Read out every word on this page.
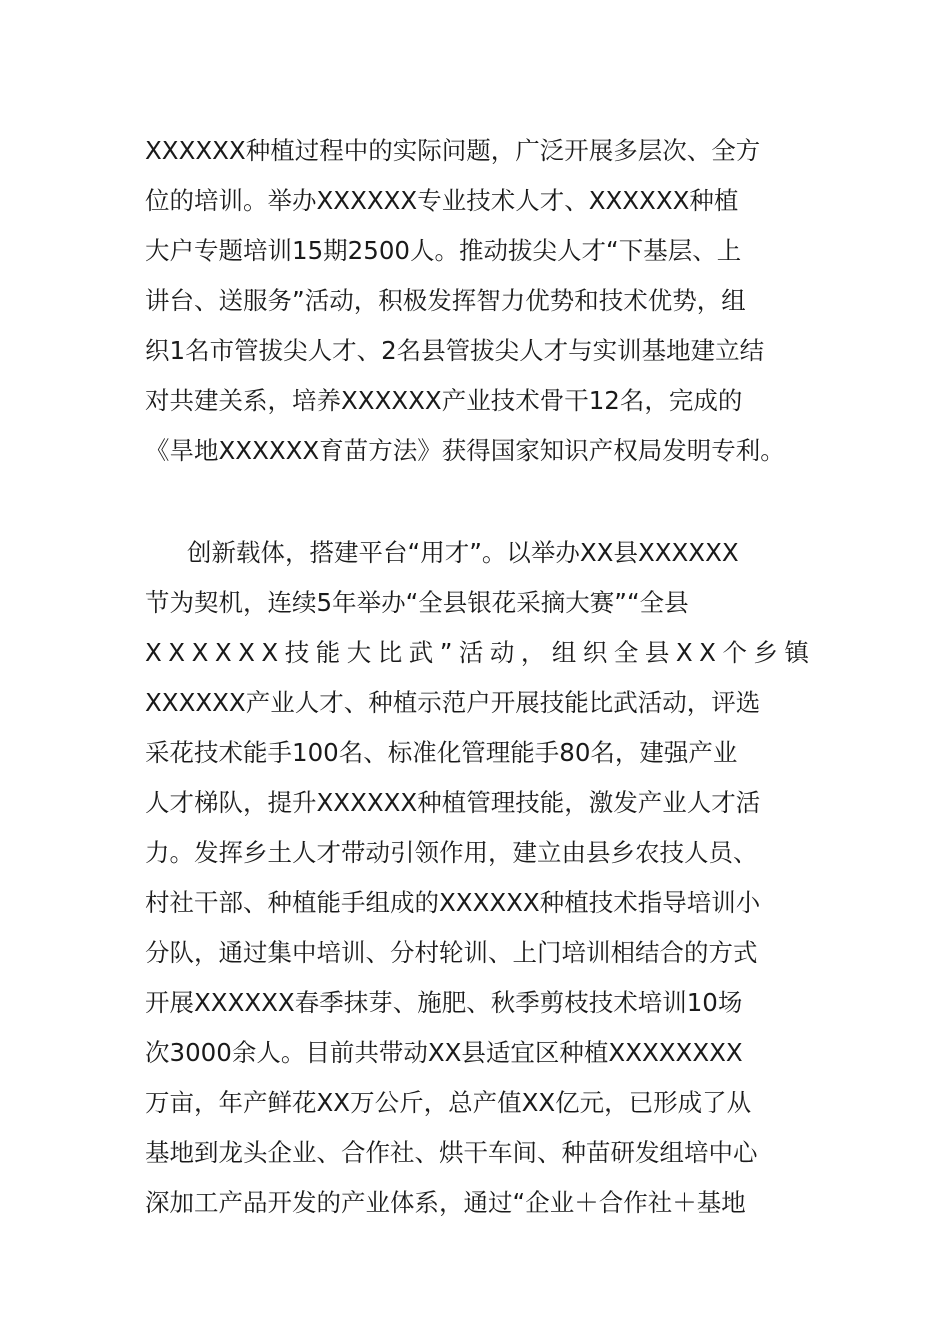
XXXXXX种植过程中的实际问题，广泛开展多层次、全方
位的培训。举办XXXXXX专业技术人才、XXXXXX种植
大户专题培训15期2500人。推动拔尖人才“下基层、上
讲台、送服务”活动，积极发挥智力优势和技术优势，组
织1名市管拔尖人才、2名县管拔尖人才与实训基地建立结
对共建关系，培养XXXXXX产业技术骨干12名，完成的
《旱地XXXXXX育苗方法》获得国家知识产权局发明专利。
创新载体，搭建平台“用才”。以举办XX县XXXXXX
节为契机，连续5年举办“全县银花采摘大赛”“全县
XXXXXX技能大比武”活动，组织全县XX个乡镇
XXXXXX产业人才、种植示范户开展技能比武活动，评选
采花技术能手100名、标准化管理能手80名，建强产业
人才梯队，提升XXXXXX种植管理技能，激发产业人才活
力。发挥乡土人才带动引领作用，建立由县乡农技人员、
村社干部、种植能手组成的XXXXXX种植技术指导培训小
分队，通过集中培训、分村轮训、上门培训相结合的方式
开展XXXXXX春季抹芽、施肥、秋季剪枝技术培训10场
次3000余人。目前共带动XX县适宜区种植XXXXXXXX
万亩，年产鲜花XX万公斤，总产值XX亿元，已形成了从
基地到龙头企业、合作社、烘干车间、种苗研发组培中心
深加工产品开发的产业体系，通过“企业＋合作社＋基地
